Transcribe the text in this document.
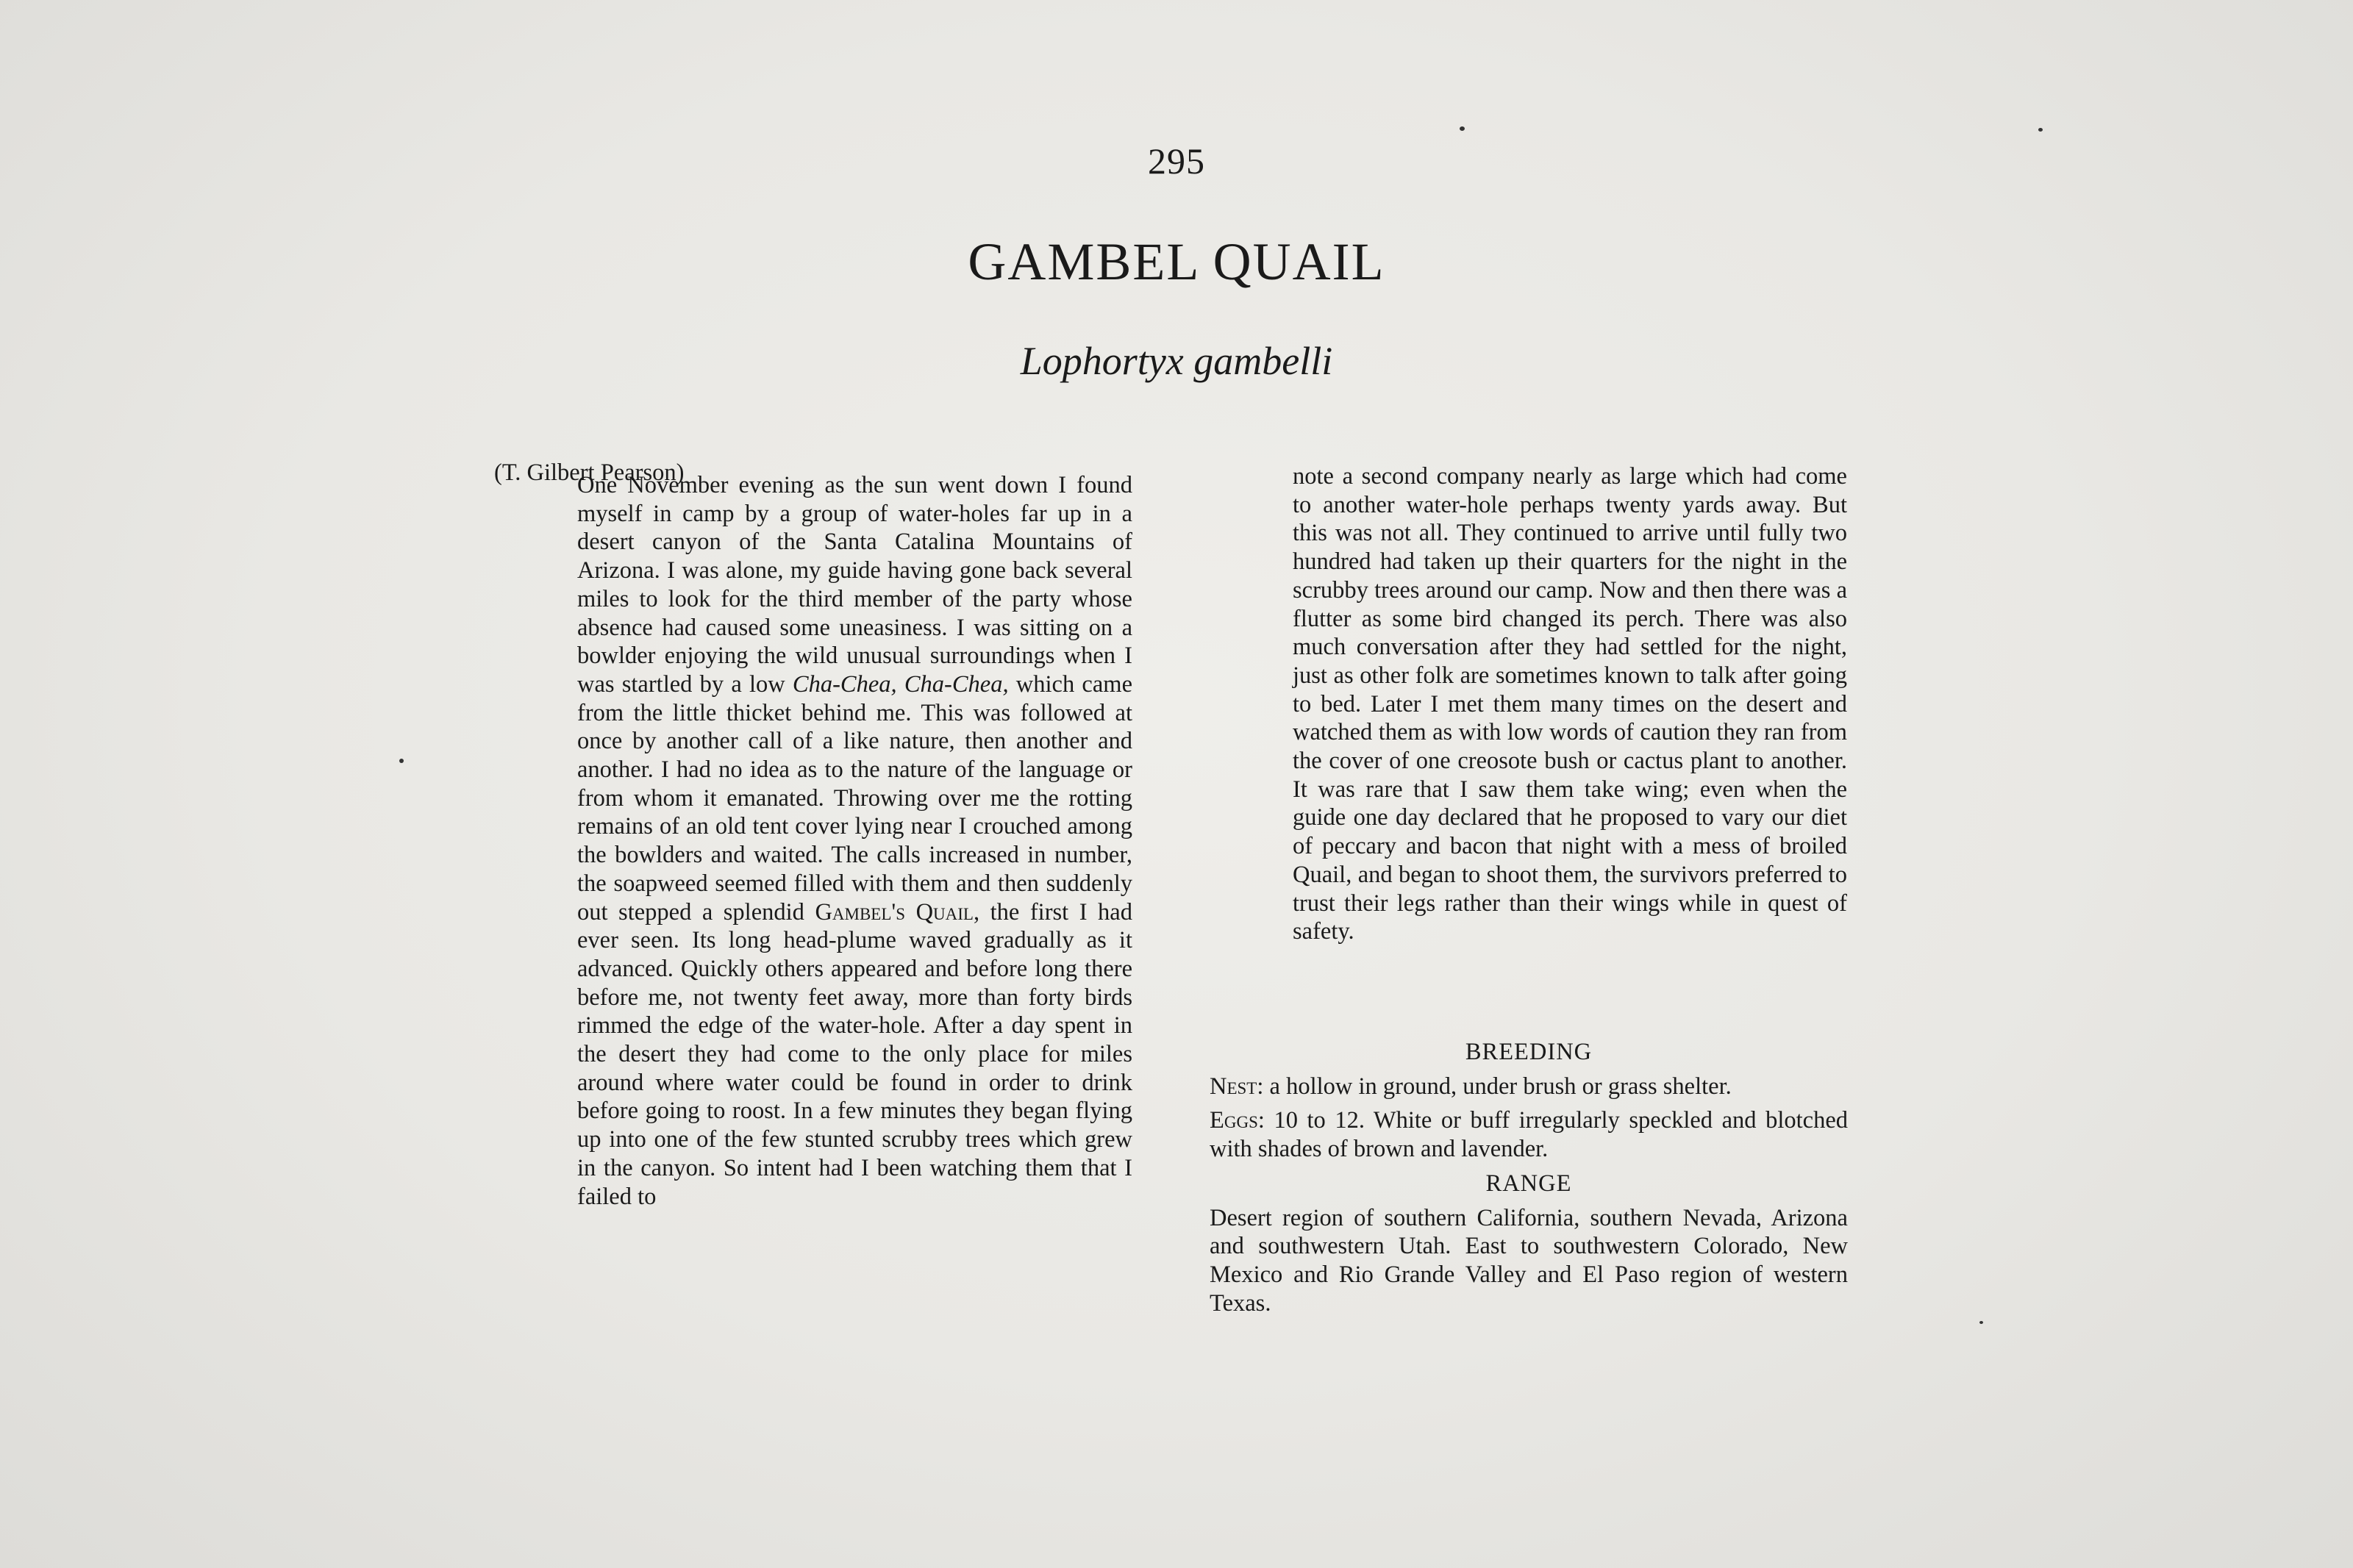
295
GAMBEL QUAIL
Lophortyx gambelli
(T. Gilbert Pearson)

One November evening as the sun went down I found myself in camp by a group of water-holes far up in a desert canyon of the Santa Catalina Mountains of Arizona. I was alone, my guide having gone back several miles to look for the third member of the party whose absence had caused some uneasiness. I was sitting on a bowlder enjoying the wild unusual surroundings when I was startled by a low Cha-Chea, Cha-Chea, which came from the little thicket behind me. This was followed at once by another call of a like nature, then another and another. I had no idea as to the nature of the language or from whom it emanated. Throwing over me the rotting remains of an old tent cover lying near I crouched among the bowlders and waited. The calls increased in number, the soapweed seemed filled with them and then suddenly out stepped a splendid Gambel's Quail, the first I had ever seen. Its long head-plume waved gradually as it advanced. Quickly others appeared and before long there before me, not twenty feet away, more than forty birds rimmed the edge of the water-hole. After a day spent in the desert they had come to the only place for miles around where water could be found in order to drink before going to roost. In a few minutes they began flying up into one of the few stunted scrubby trees which grew in the canyon. So intent had I been watching them that I failed to

note a second company nearly as large which had come to another water-hole perhaps twenty yards away. But this was not all. They continued to arrive until fully two hundred had taken up their quarters for the night in the scrubby trees around our camp. Now and then there was a flutter as some bird changed its perch. There was also much conversation after they had settled for the night, just as other folk are sometimes known to talk after going to bed. Later I met them many times on the desert and watched them as with low words of caution they ran from the cover of one creosote bush or cactus plant to another. It was rare that I saw them take wing; even when the guide one day declared that he proposed to vary our diet of peccary and bacon that night with a mess of broiled Quail, and began to shoot them, the survivors preferred to trust their legs rather than their wings while in quest of safety.

BREEDING

Nest: a hollow in ground, under brush or grass shelter.

Eggs: 10 to 12. White or buff irregularly speckled and blotched with shades of brown and lavender.

RANGE

Desert region of southern California, southern Nevada, Arizona and southwestern Utah. East to southwestern Colorado, New Mexico and Rio Grande Valley and El Paso region of western Texas.
